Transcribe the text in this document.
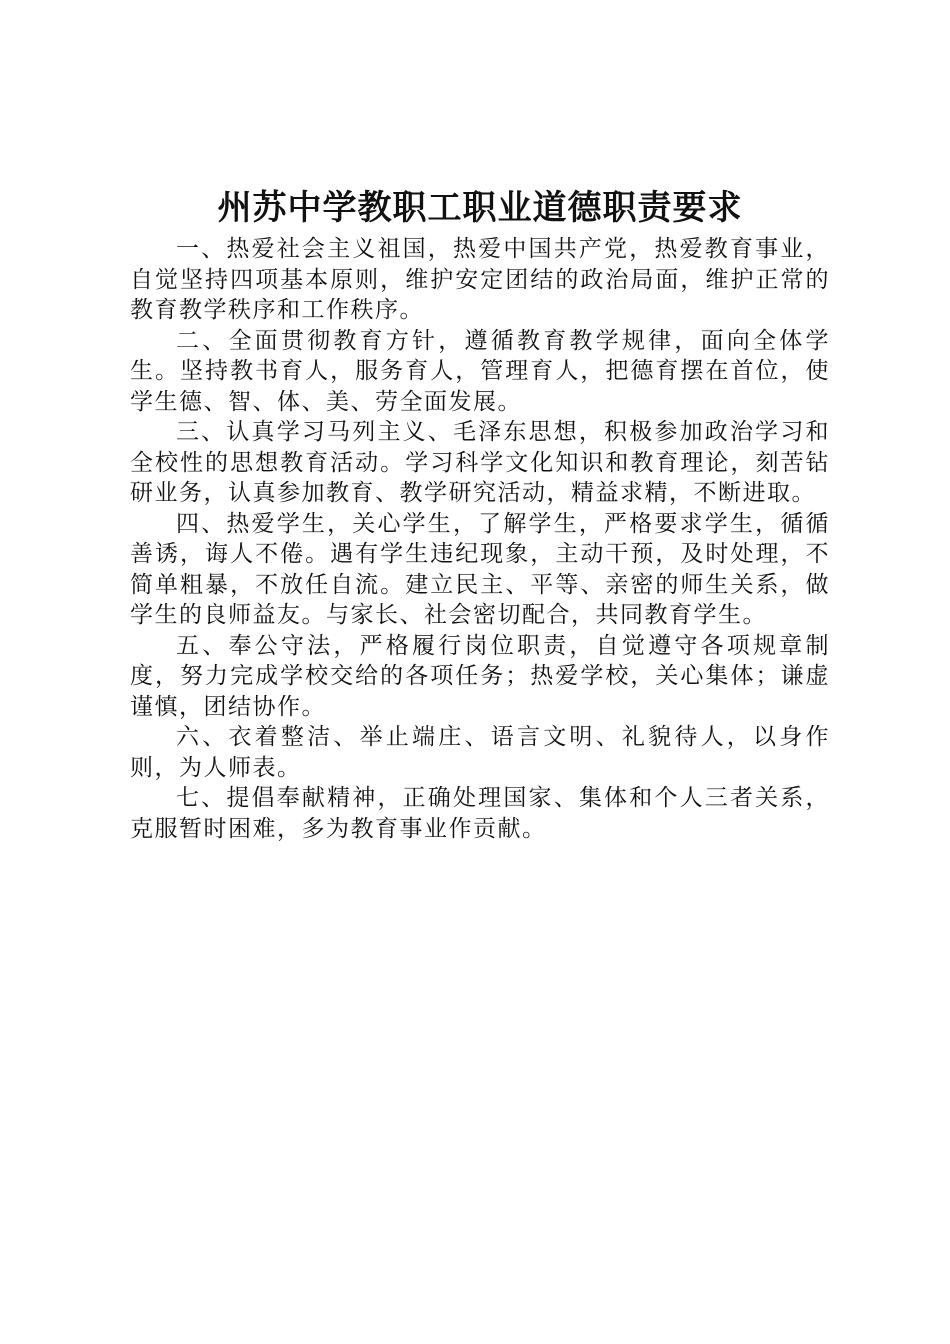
州苏中学教职工职业道德职责要求

一、热爱社会主义祖国，热爱中国共产党，热爱教育事业，自觉坚持四项基本原则，维护安定团结的政治局面，维护正常的教育教学秩序和工作秩序。

二、全面贯彻教育方针，遵循教育教学规律，面向全体学生。坚持教书育人，服务育人，管理育人，把德育摆在首位，使学生德、智、体、美、劳全面发展。

三、认真学习马列主义、毛泽东思想，积极参加政治学习和全校性的思想教育活动。学习科学文化知识和教育理论，刻苦钻研业务，认真参加教育、教学研究活动，精益求精，不断进取。

四、热爱学生，关心学生，了解学生，严格要求学生，循循善诱，诲人不倦。遇有学生违纪现象，主动干预，及时处理，不简单粗暴，不放任自流。建立民主、平等、亲密的师生关系，做学生的良师益友。与家长、社会密切配合，共同教育学生。

五、奉公守法，严格履行岗位职责，自觉遵守各项规章制度，努力完成学校交给的各项任务；热爱学校，关心集体；谦虚谨慎，团结协作。

六、衣着整洁、举止端庄、语言文明、礼貌待人，以身作则，为人师表。

七、提倡奉献精神，正确处理国家、集体和个人三者关系，克服暂时困难，多为教育事业作贡献。
